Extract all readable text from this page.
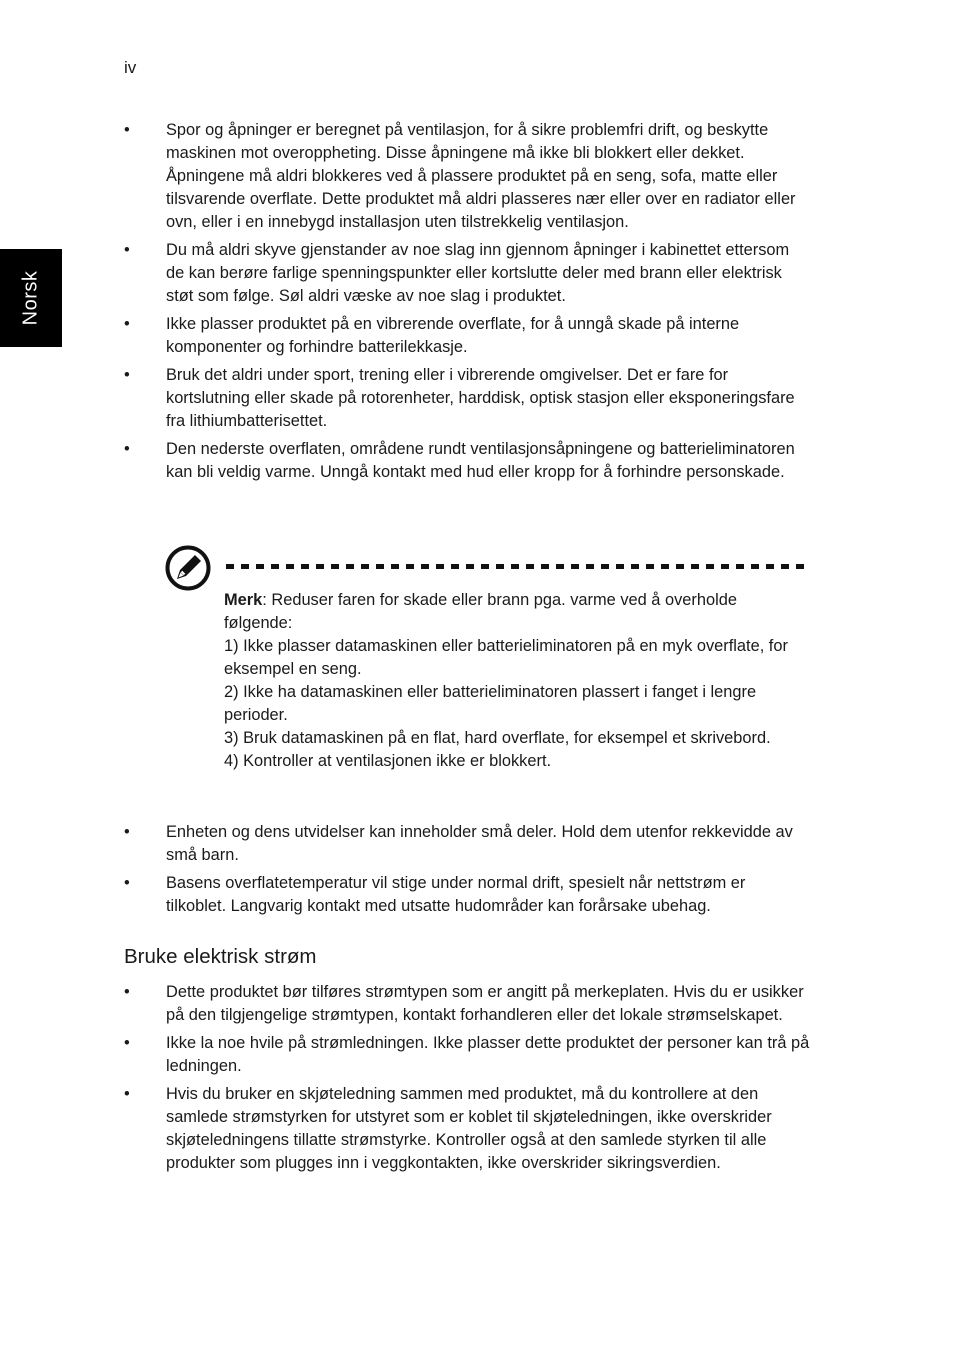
iv
Norsk
• Spor og åpninger er beregnet på ventilasjon, for å sikre problemfri drift, og beskytte maskinen mot overoppheting. Disse åpningene må ikke bli blokkert eller dekket. Åpningene må aldri blokkeres ved å plassere produktet på en seng, sofa, matte eller tilsvarende overflate. Dette produktet må aldri plasseres nær eller over en radiator eller ovn, eller i en innebygd installasjon uten tilstrekkelig ventilasjon.
• Du må aldri skyve gjenstander av noe slag inn gjennom åpninger i kabinettet ettersom de kan berøre farlige spenningspunkter eller kortslutte deler med brann eller elektrisk støt som følge. Søl aldri væske av noe slag i produktet.
• Ikke plasser produktet på en vibrerende overflate, for å unngå skade på interne komponenter og forhindre batterilekkasje.
• Bruk det aldri under sport, trening eller i vibrerende omgivelser. Det er fare for kortslutning eller skade på rotorenheter, harddisk, optisk stasjon eller eksponeringsfare fra lithiumbatterisettet.
• Den nederste overflaten, områdene rundt ventilasjonsåpningene og batterieliminatoren kan bli veldig varme. Unngå kontakt med hud eller kropp for å forhindre personskade.

Merk: Reduser faren for skade eller brann pga. varme ved å overholde følgende:

1) Ikke plasser datamaskinen eller batterieliminatoren på en myk overflate, for eksempel en seng.

2) Ikke ha datamaskinen eller batterieliminatoren plassert i fanget i lengre perioder.

3) Bruk datamaskinen på en flat, hard overflate, for eksempel et skrivebord.

4) Kontroller at ventilasjonen ikke er blokkert.

• Enheten og dens utvidelser kan inneholder små deler. Hold dem utenfor rekkevidde av små barn.
• Basens overflatetemperatur vil stige under normal drift, spesielt når nettstrøm er tilkoblet. Langvarig kontakt med utsatte hudområder kan forårsake ubehag.
Bruke elektrisk strøm
• Dette produktet bør tilføres strømtypen som er angitt på merkeplaten. Hvis du er usikker på den tilgjengelige strømtypen, kontakt forhandleren eller det lokale strømselskapet.
• Ikke la noe hvile på strømledningen. Ikke plasser dette produktet der personer kan trå på ledningen.
• Hvis du bruker en skjøteledning sammen med produktet, må du kontrollere at den samlede strømstyrken for utstyret som er koblet til skjøteledningen, ikke overskrider skjøteledningens tillatte strømstyrke. Kontroller også at den samlede styrken til alle produkter som plugges inn i veggkontakten, ikke overskrider sikringsverdien.
